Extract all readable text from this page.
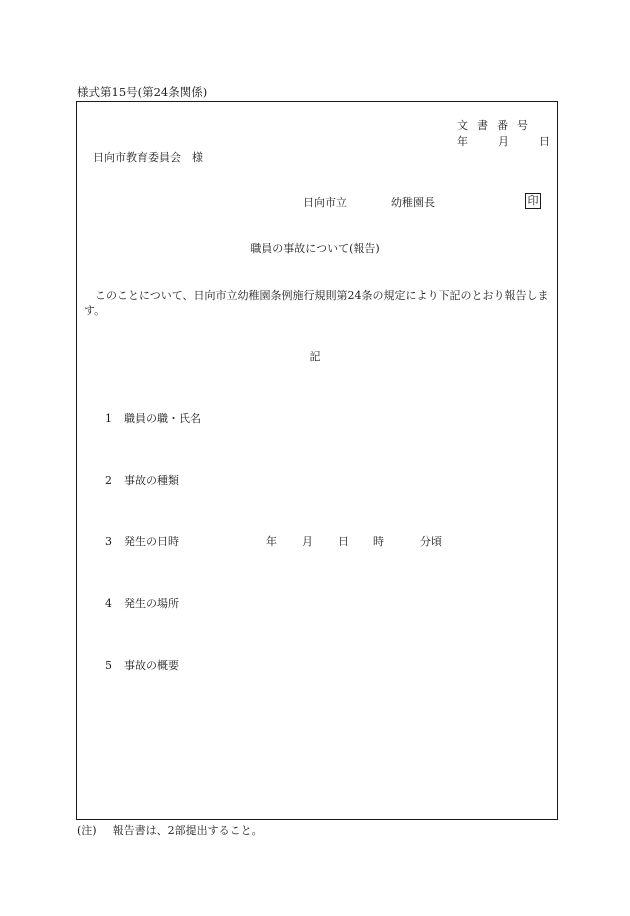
様式第15号(第24条関係)
文書番号
年	月	日
日向市教育委員会　様
日向市立	幼稚園長	印
職員の事故について(報告)
このことについて、日向市立幼稚園条例施行規則第24条の規定により下記のとおり報告します。
記
1 職員の職・氏名
2 事故の種類
3 発生の日時	年 月 日 時	分頃
4 発生の場所
5 事故の概要
(注) 報告書は、2部提出すること。
